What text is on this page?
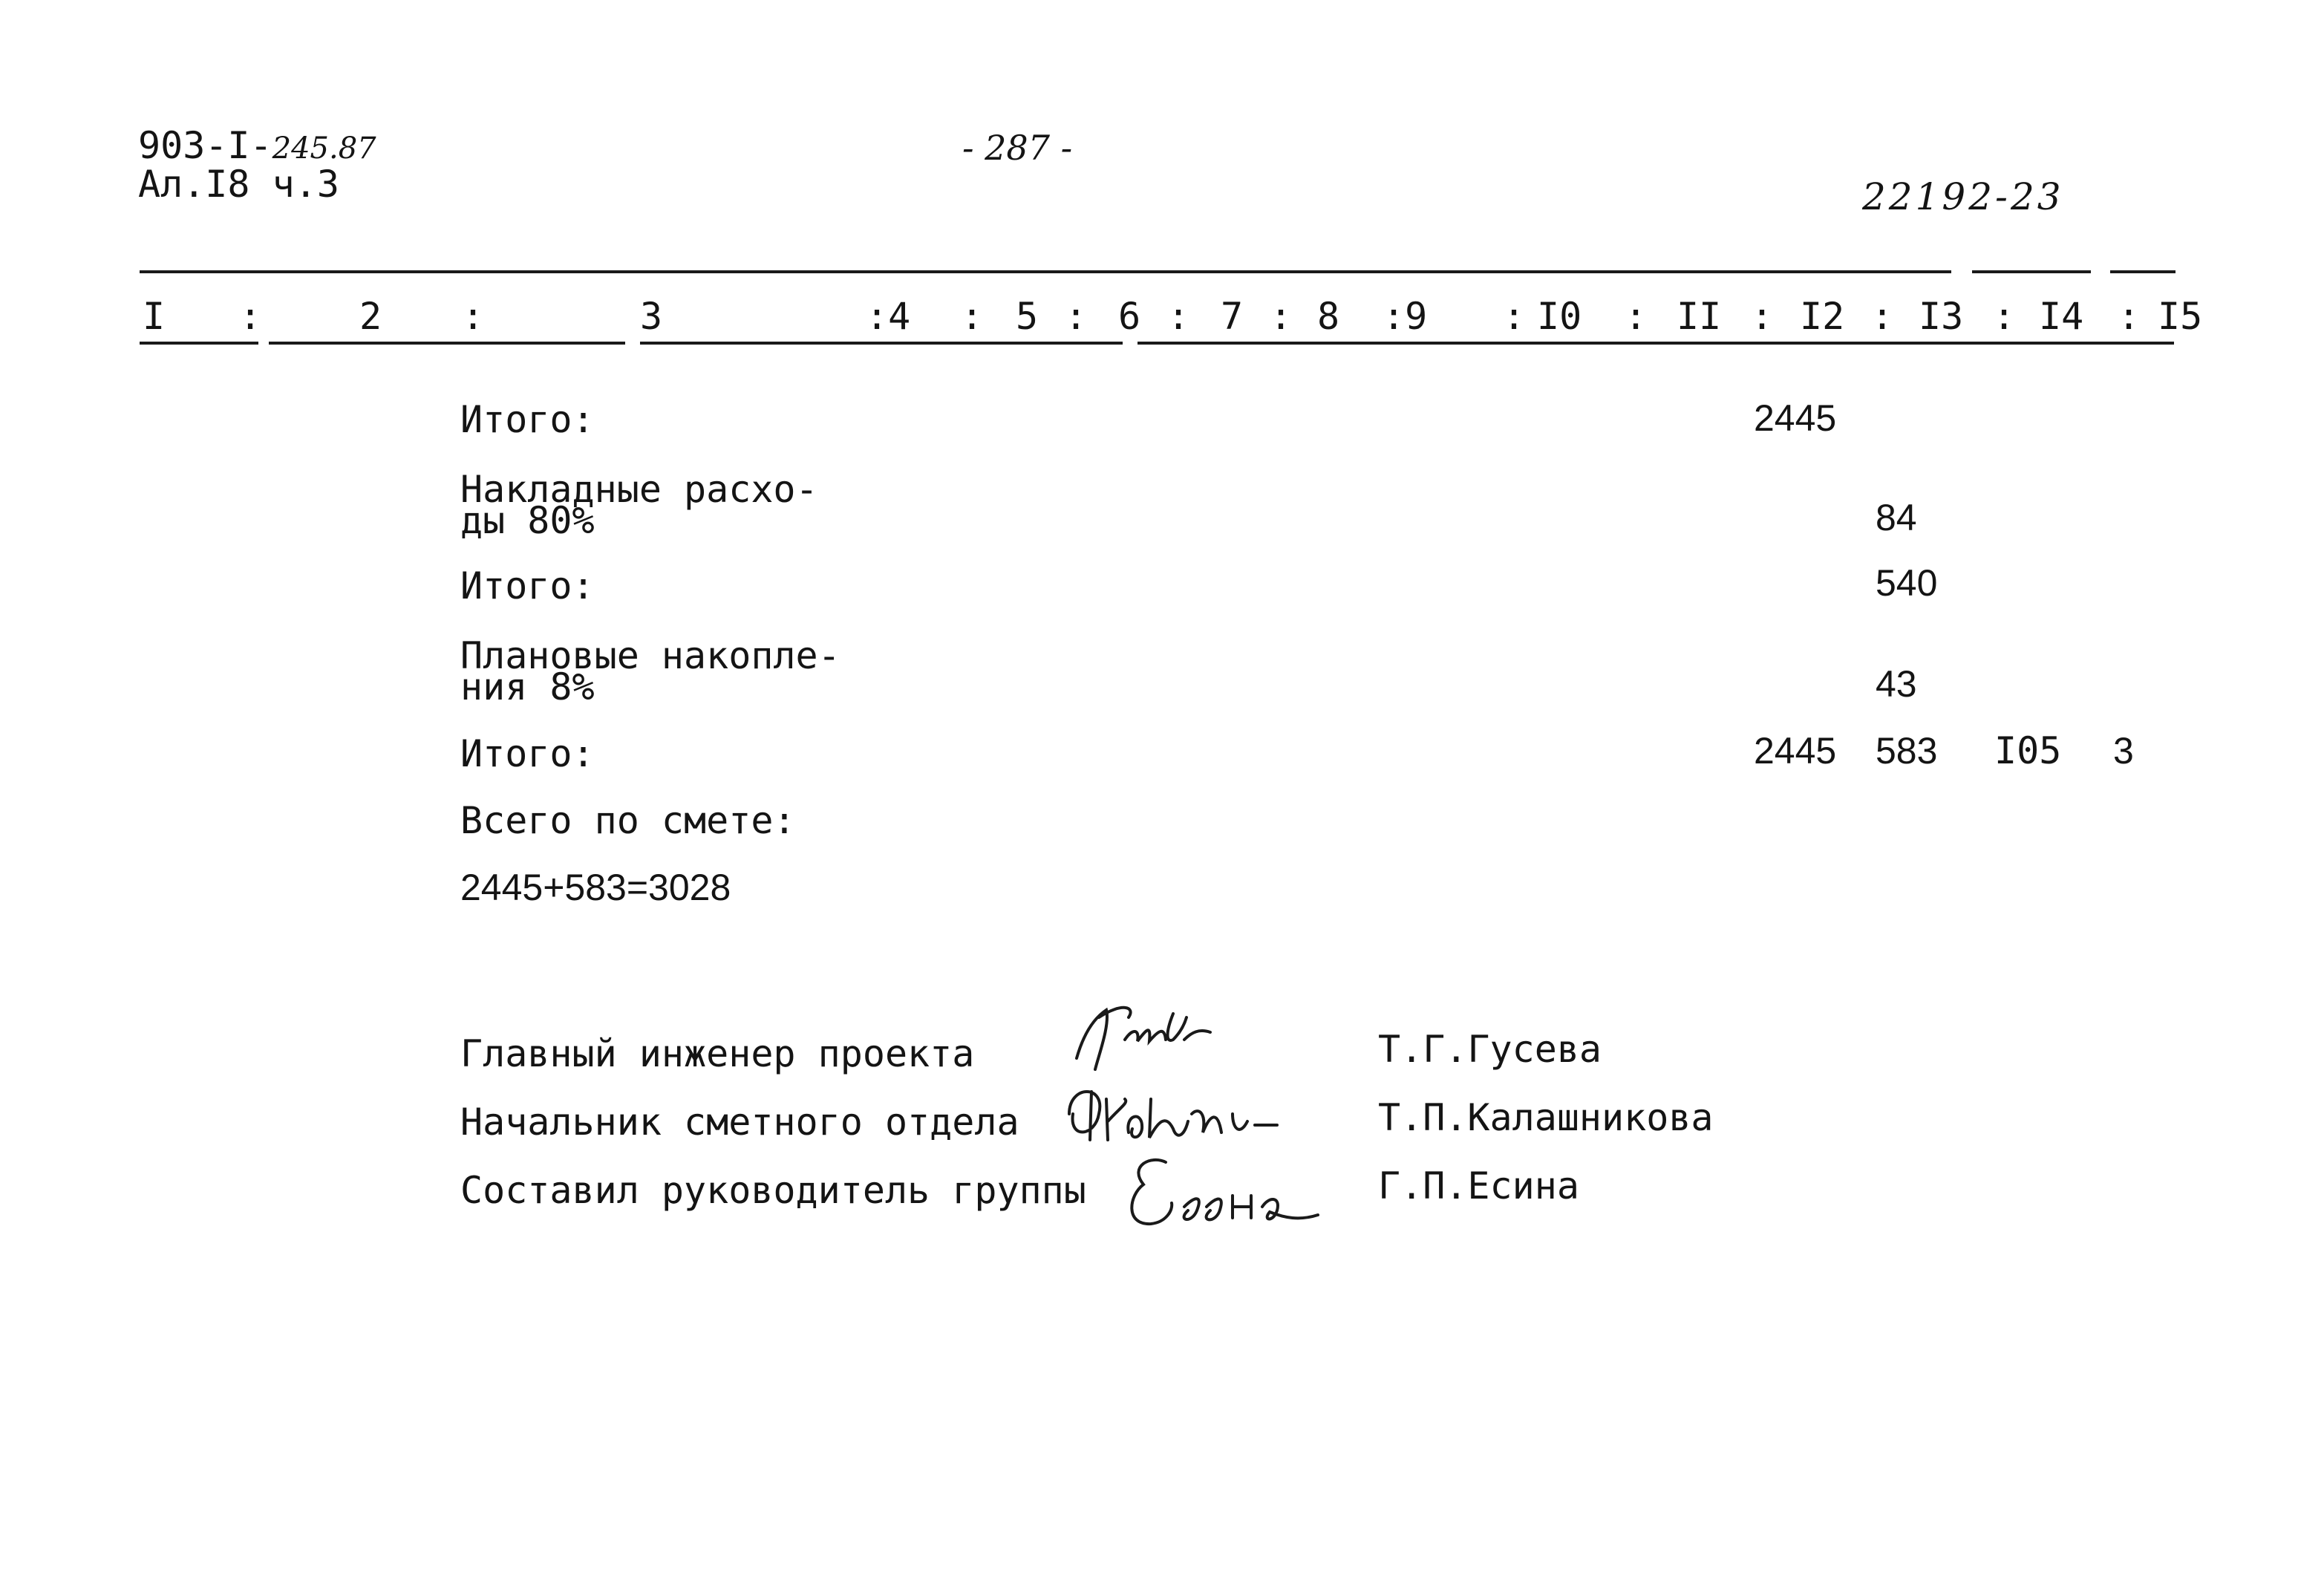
903-I-245.87
Ал.I8 ч.3
- 287 -
22192-23
I :	2 :	3	:4 : 5 : 6 : 7 : 8 :9 : I0 : II : I2 : I3 : I4 : I5
Итого:	2445
Накладные расхо-
ды 80%	84
Итого:	540
Плановые накопле-
ния 8%	43
Итого:	2445 583 I05 3
Всего по смете:
2445+583=3028
Главный инженер проекта	Т.Г.Гусева
Начальник сметного отдела	Т.П.Калашникова
Составил руководитель группы	Г.П.Есина
